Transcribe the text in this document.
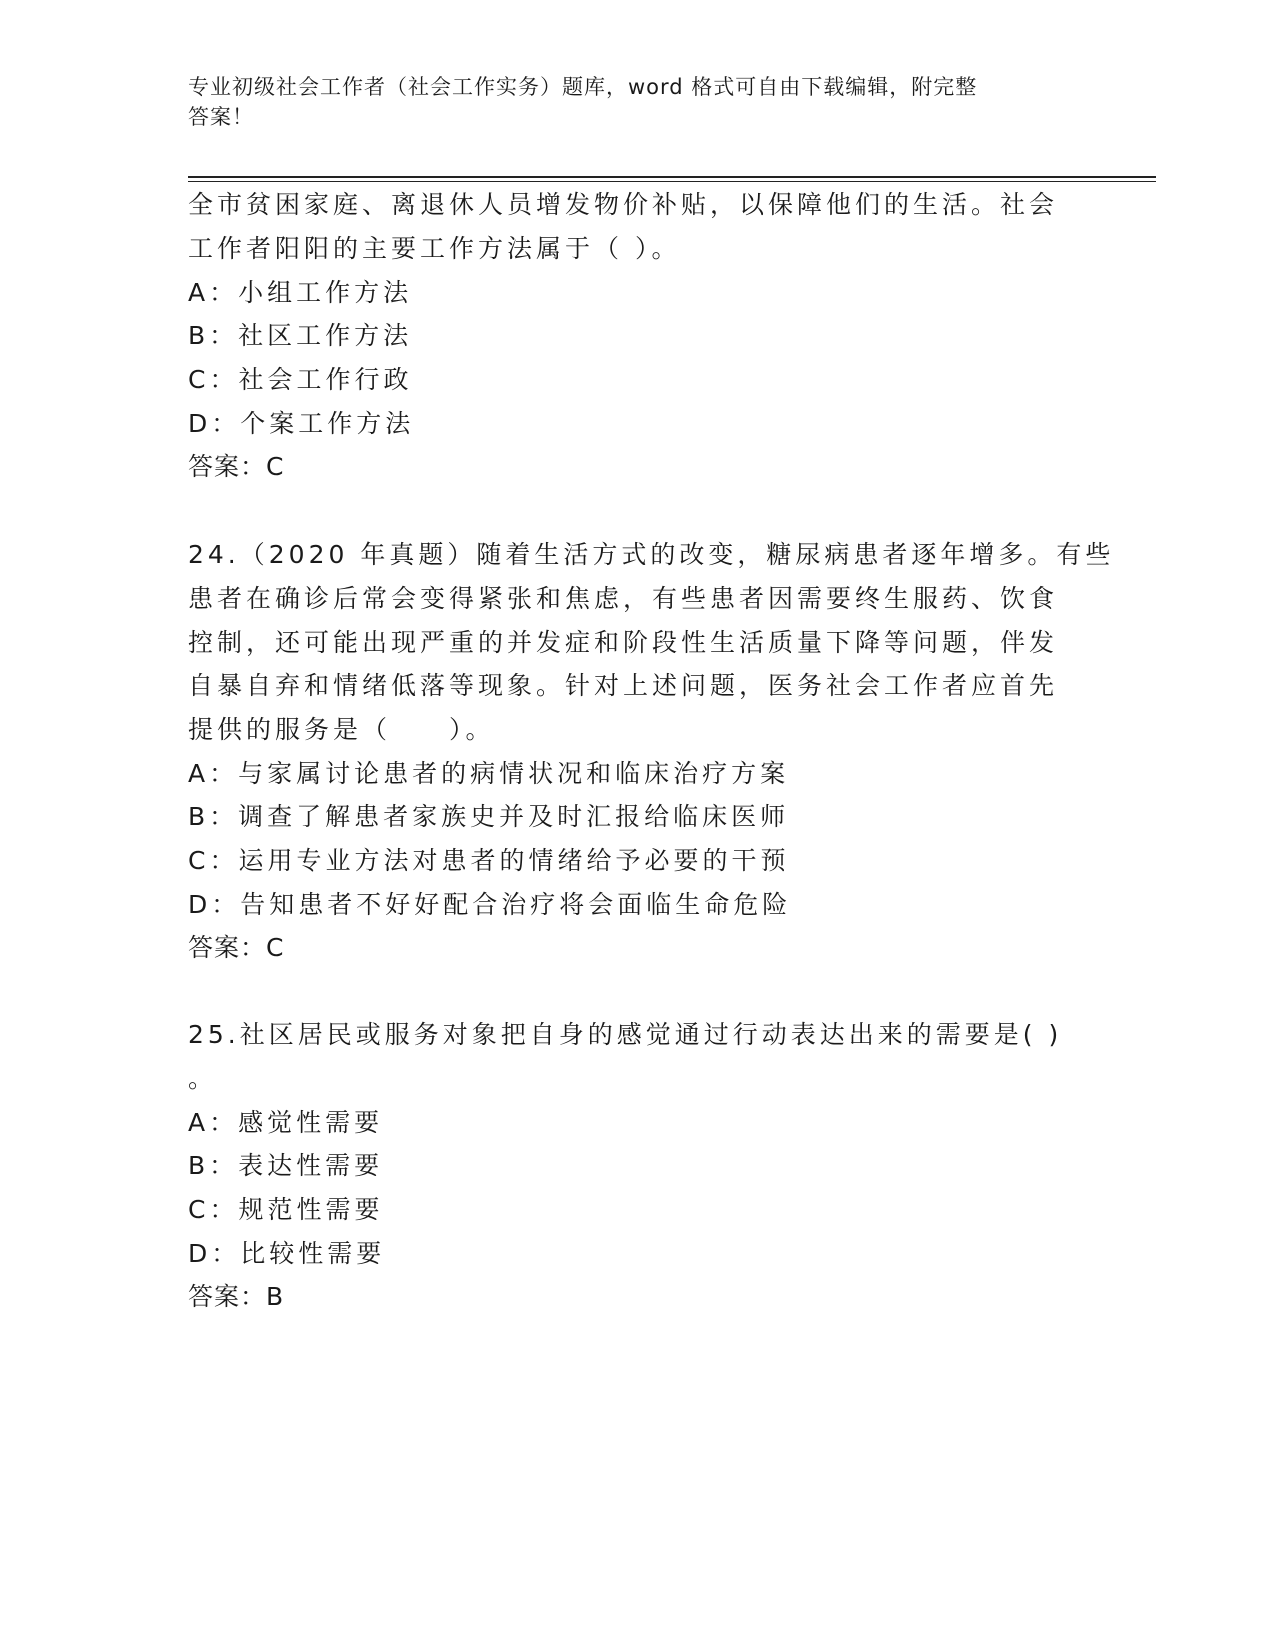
专业初级社会工作者（社会工作实务）题库，word 格式可自由下载编辑，附完整
答案！
全市贫困家庭、离退休人员增发物价补贴，以保障他们的生活。社会
工作者阳阳的主要工作方法属于（ ）。
A：小组工作方法
B：社区工作方法
C：社会工作行政
D：个案工作方法
答案：C
24.（2020 年真题）随着生活方式的改变，糖尿病患者逐年增多。有些
患者在确诊后常会变得紧张和焦虑，有些患者因需要终生服药、饮食
控制，还可能出现严重的并发症和阶段性生活质量下降等问题，伴发
自暴自弃和情绪低落等现象。针对上述问题，医务社会工作者应首先
提供的服务是（　　）。
A：与家属讨论患者的病情状况和临床治疗方案
B：调查了解患者家族史并及时汇报给临床医师
C：运用专业方法对患者的情绪给予必要的干预
D：告知患者不好好配合治疗将会面临生命危险
答案：C
25.社区居民或服务对象把自身的感觉通过行动表达出来的需要是( )
。
A：感觉性需要
B：表达性需要
C：规范性需要
D：比较性需要
答案：B
